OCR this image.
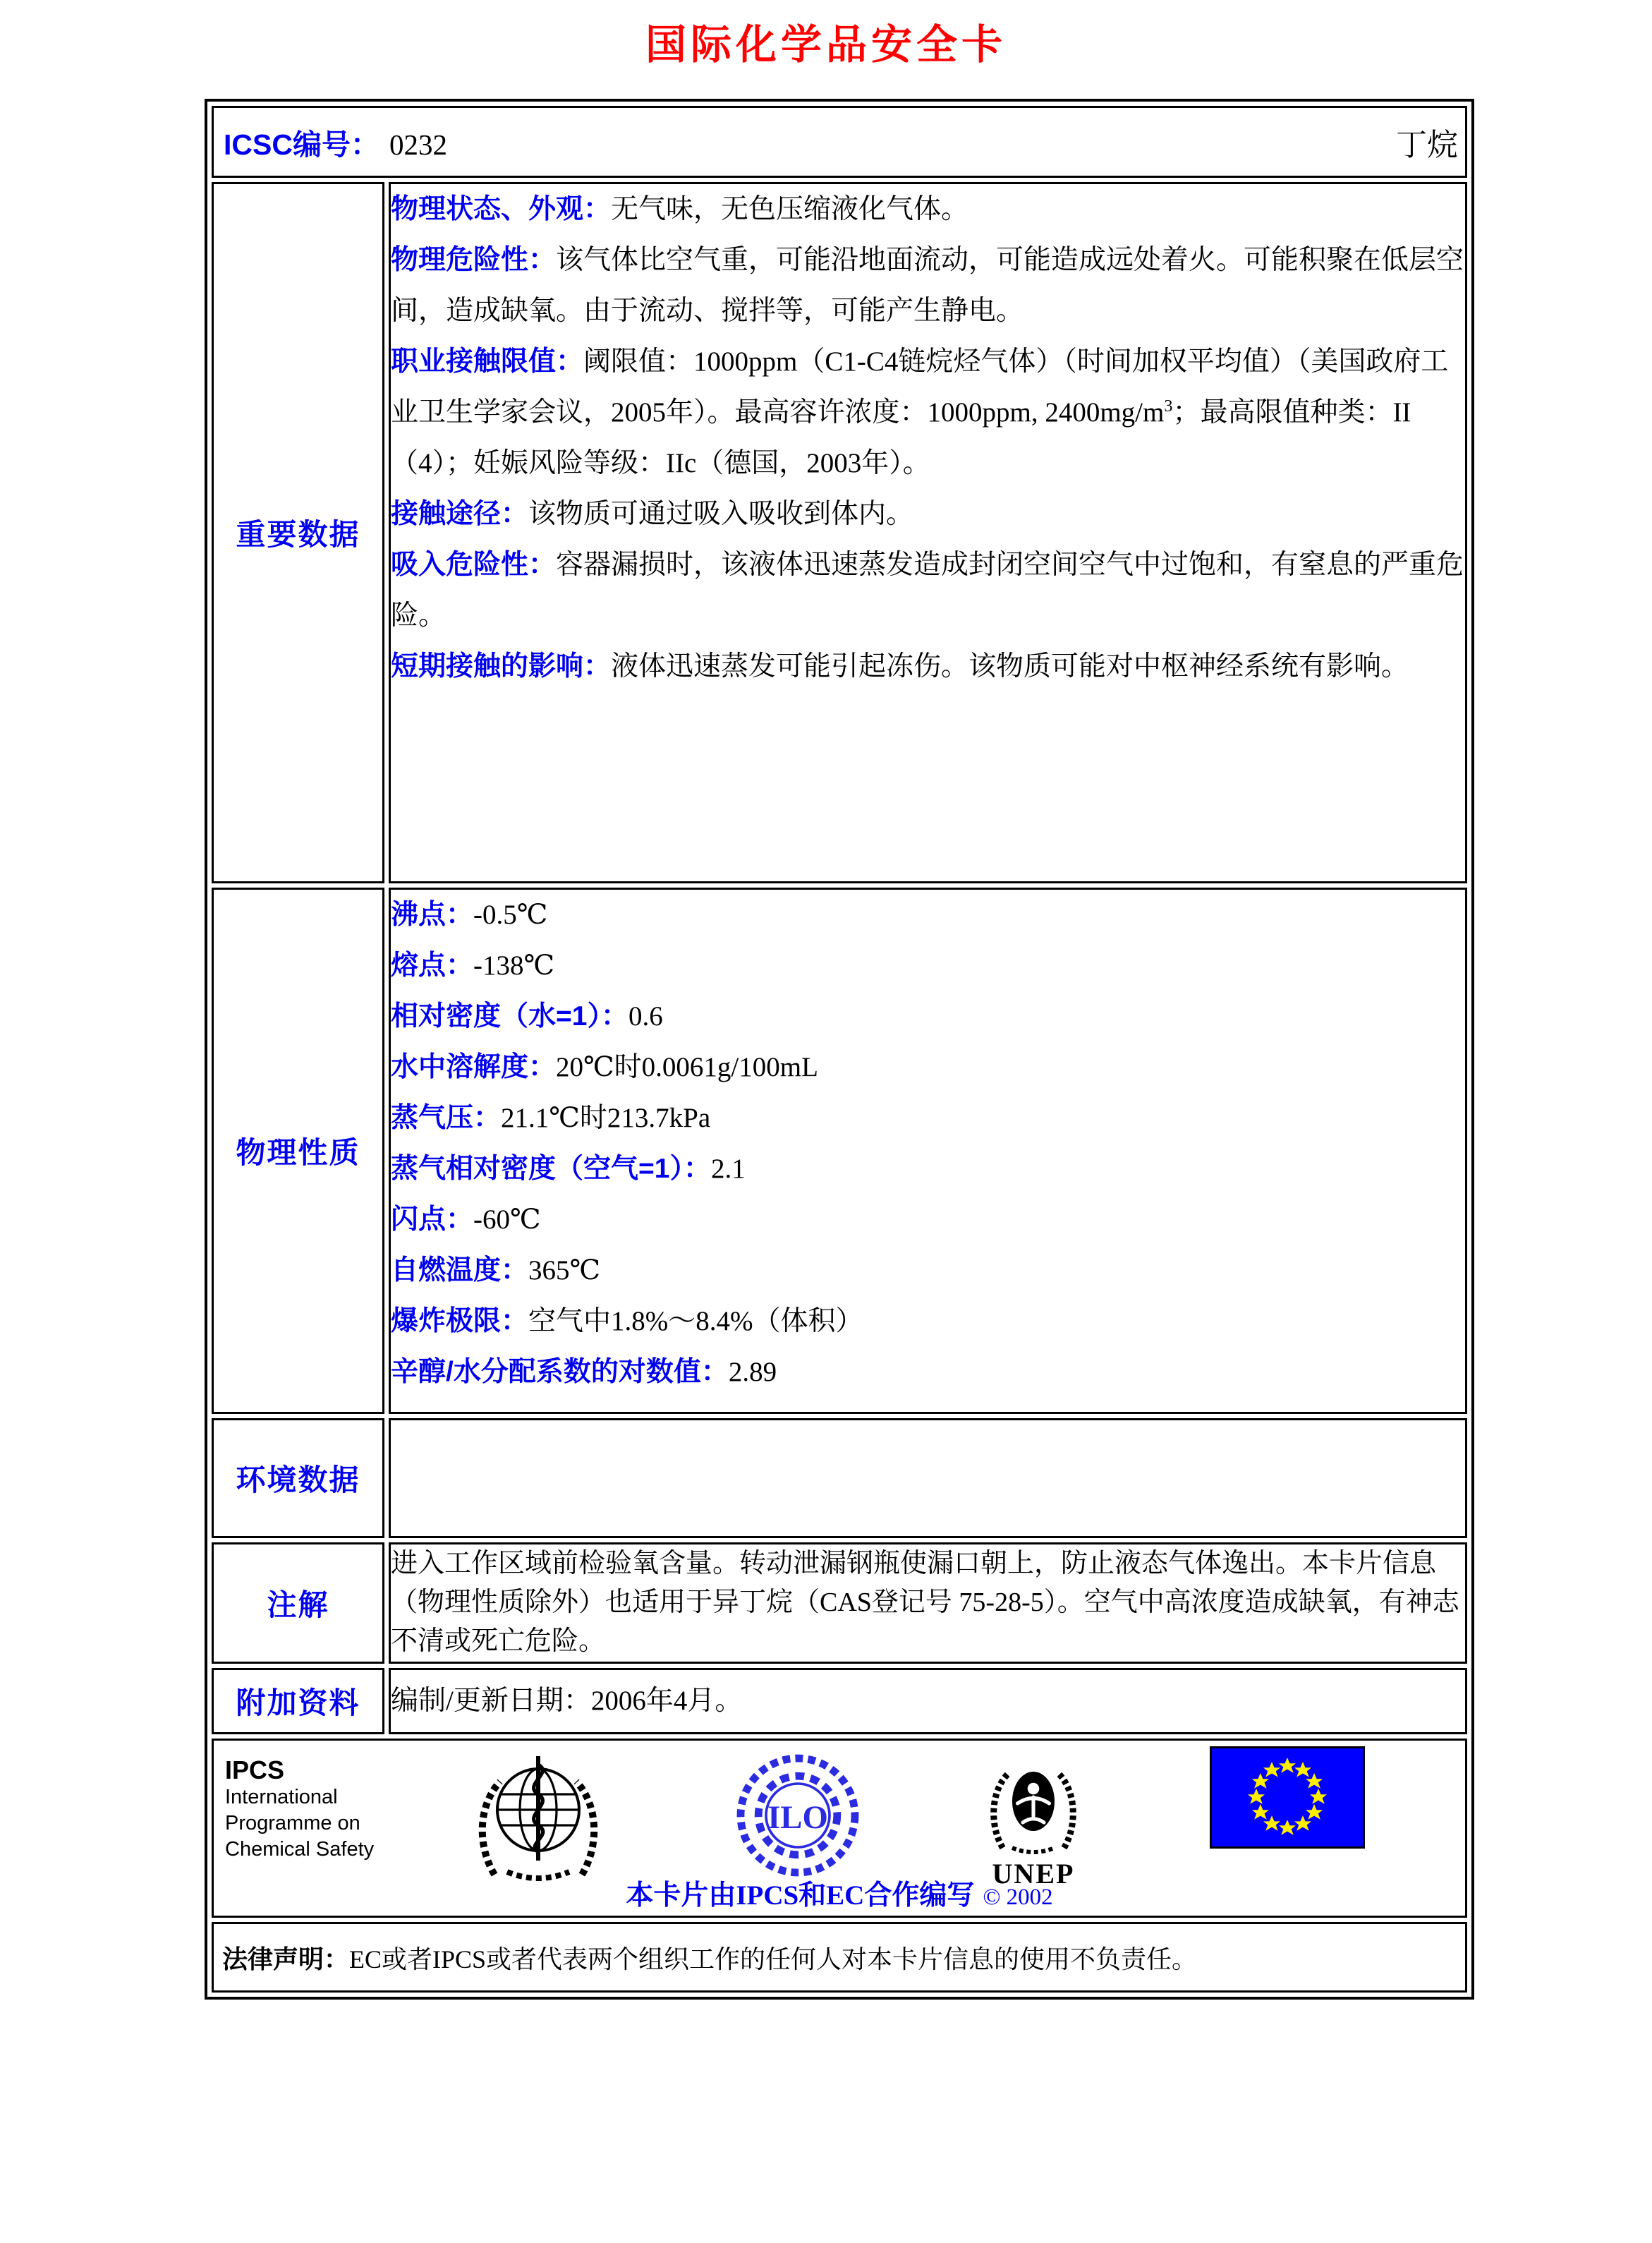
国际化学品安全卡
ICSC编号： 0232 丁烷	

重要数据	
物理状态、外观：无气味，无色压缩液化气体。
物理危险性：该气体比空气重，可能沿地面流动，可能造成远处着火。可能积聚在低层空间，造成缺氧。由于流动、搅拌等，可能产生静电。
职业接触限值：阈限值：1000ppm（C1-C4链烷烃气体）（时间加权平均值）（美国政府工业卫生学家会议，2005年）。最高容许浓度：1000ppm, $2400mg/m^3$；最高限值种类：II（4）；妊娠风险等级：IIc（德国，2003年）。
接触途径：该物质可通过吸入吸收到体内。
吸入危险性：容器漏损时，该液体迅速蒸发造成封闭空间空气中过饱和，有窒息的严重危险。
短期接触的影响：液体迅速蒸发可能引起冻伤。该物质可能对中枢神经系统有影响。

物理性质	
沸点：-0.5℃
熔点：-138℃
相对密度（水=1）：0.6
水中溶解度：20℃时0.0061g/100mL
蒸气压：21.1℃时213.7kPa
蒸气相对密度（空气=1）：2.1
闪点：-60℃
自燃温度：365℃
爆炸极限：空气中1.8%～8.4%（体积）
辛醇/水分配系数的对数值：2.89

环境数据	
注解	进入工作区域前检验氧含量。转动泄漏钢瓶使漏口朝上，防止液态气体逸出。本卡片信息（物理性质除外）也适用于异丁烷（CAS登记号 75-28-5）。空气中高浓度造成缺氧，有神志不清或死亡危险。

附加资料	编制/更新日期：2006年4月。

IPCS
International
Programme on
Chemical Safety
ILO
UNEP
本卡片由IPCS和EC合作编写 © 2002

法律声明： EC或者IPCS或者代表两个组织工作的任何人对本卡片信息的使用不负责任。	
